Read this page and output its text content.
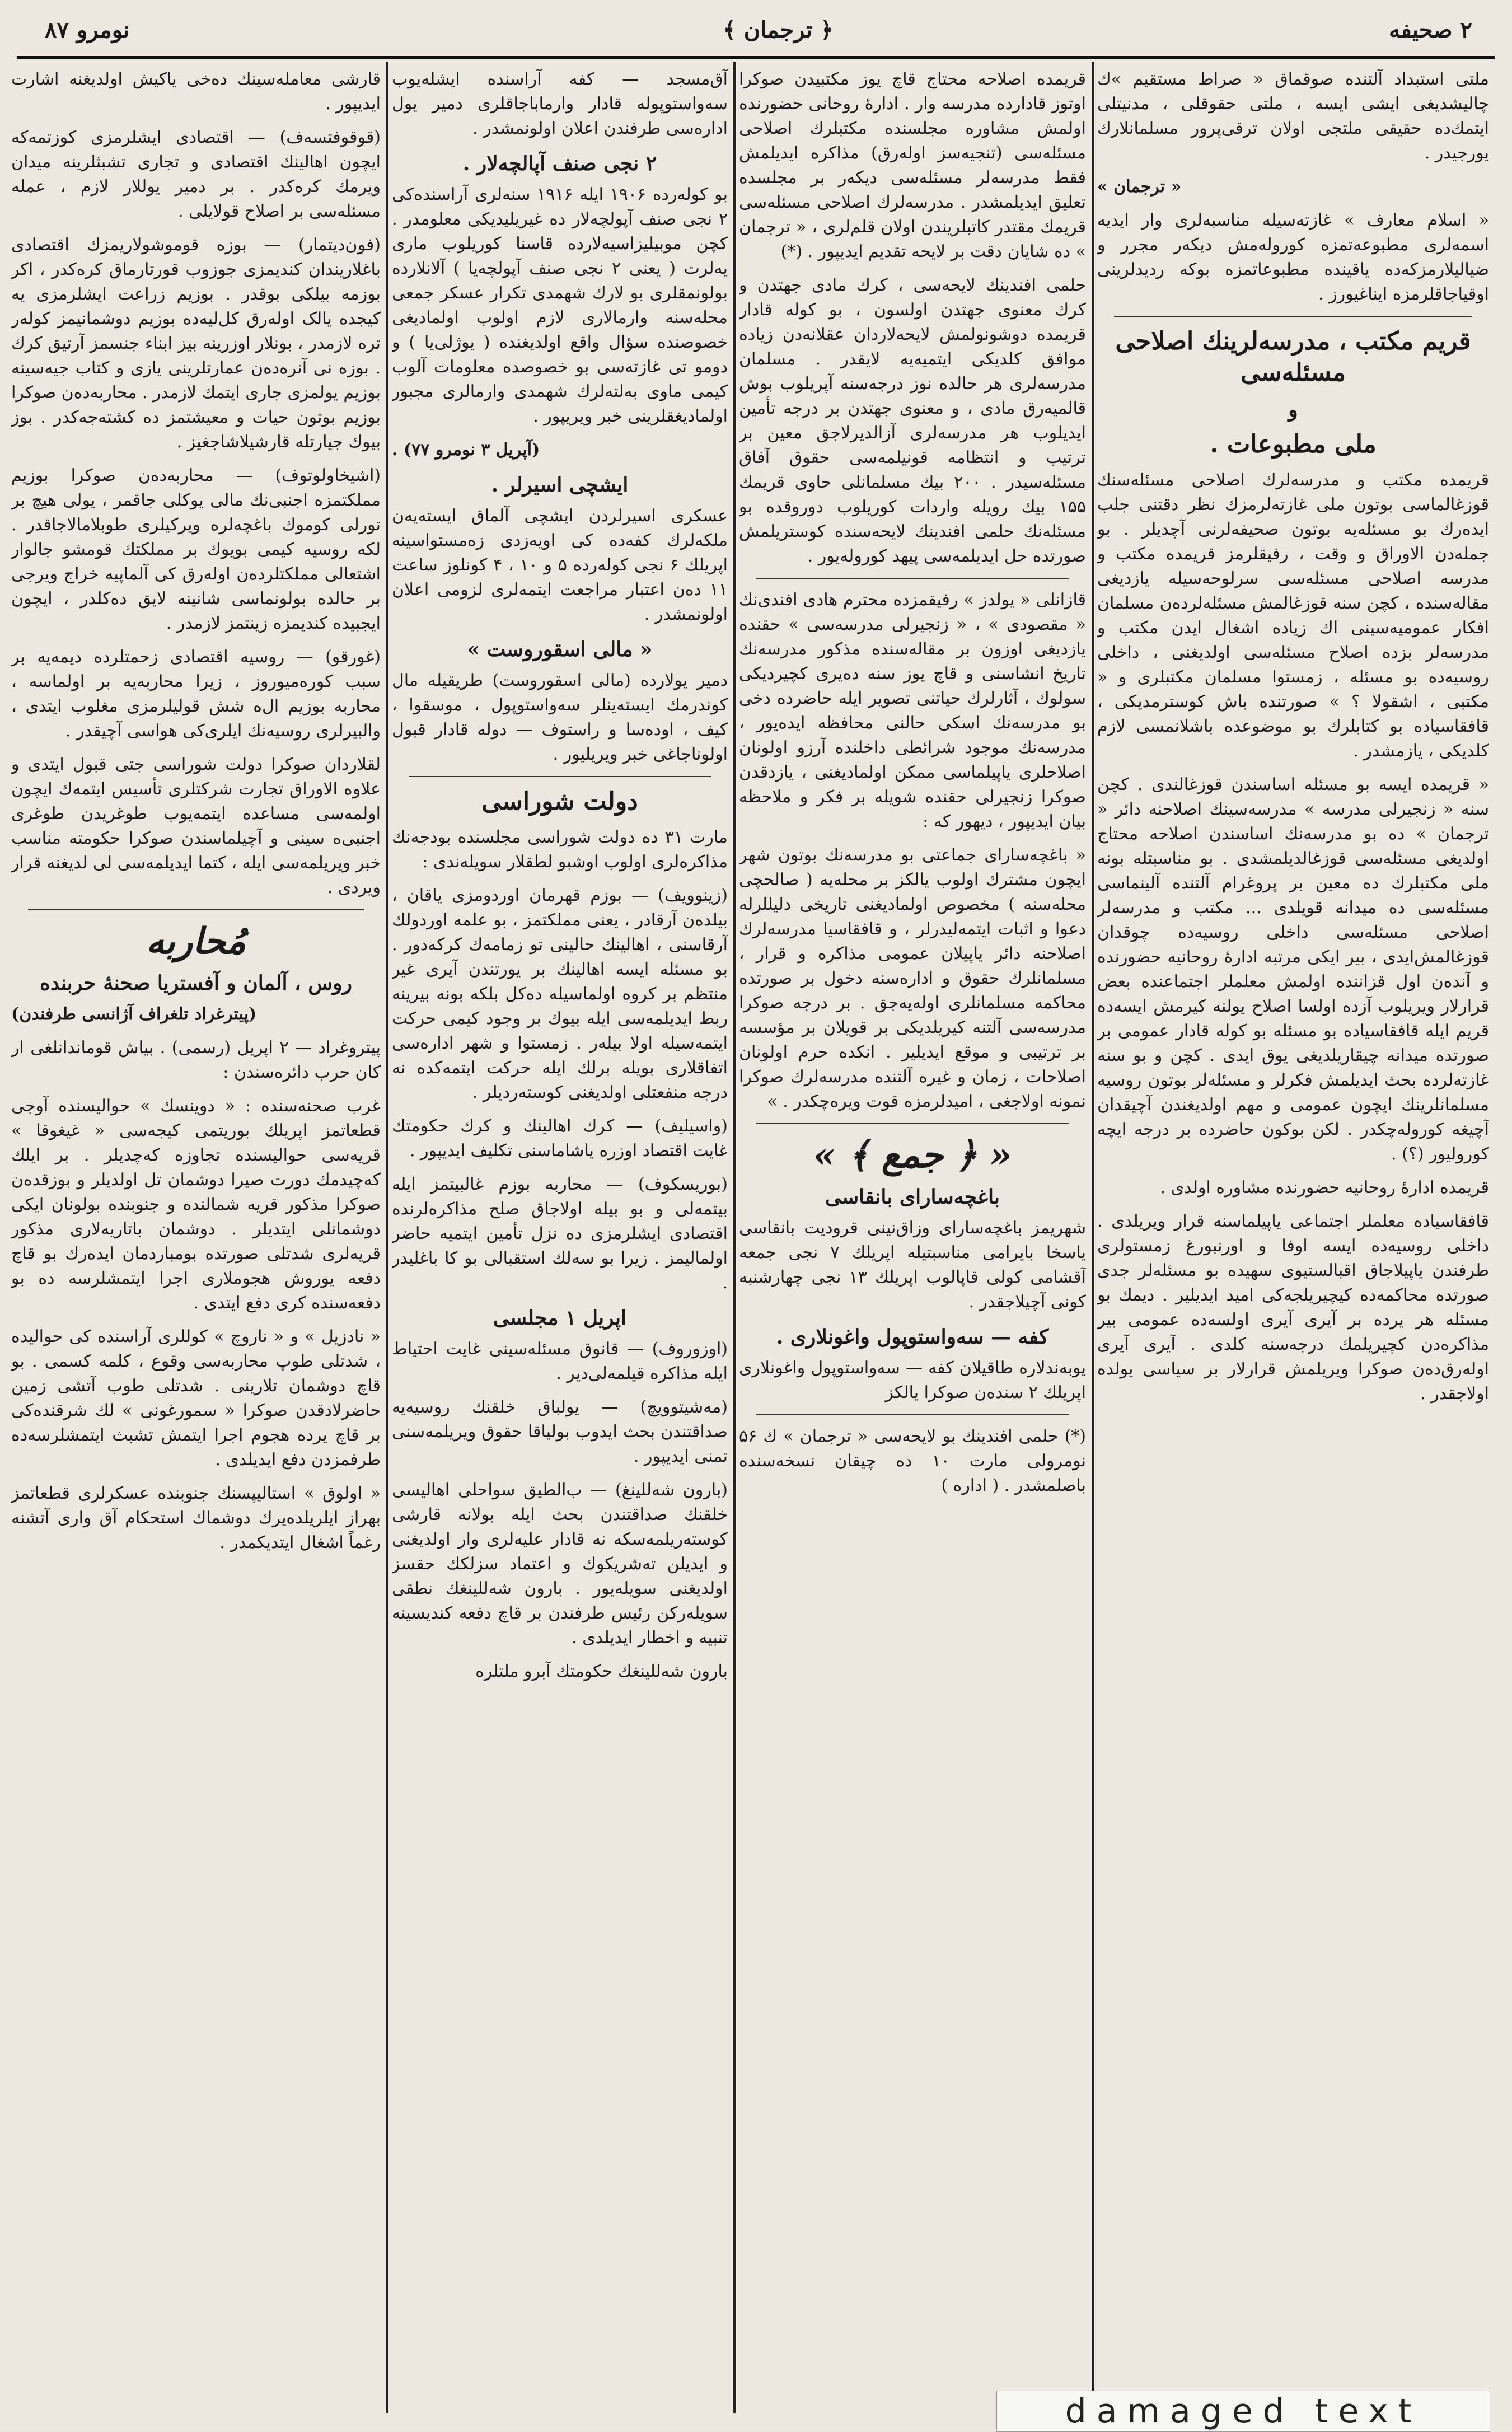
۲ صحیفه
﴿ ترجمان ﴾
نومرو ۸۷

ملتی استبداد آلتنده صوقماق « صراط مستقیم »ك چالیشدیغی ایشی ایسه ، ملتی حقوقلی ، مدنیتلی ایتمك‌ده حقیقی ملتجی اولان ترقی‌پرور مسلمانلارك یورجیدر .

« ترجمان »

« اسلام معارف » غازته‌سیله مناسبه‌لری وار ایدیه اسمه‌لری مطبوعه‌تمزه کوروله‌مش دیکه‌ر مجرر و ضیالیلارمزکه‌ده یاقینده مطبوعاتمزه بوکه ردیدلرینی اوقیاجاقلرمزه ایناغیورز .

قریم مکتب ، مدرسه‌لرینك اصلاحی مسئله‌سی
و
ملی مطبوعات .

قریمده مکتب و مدرسه‌لرك اصلاحی مسئله‌سنك قوزغالماسی بوتون ملی غازته‌لرمزك نظر دقتنی جلب ایده‌رك بو مسئله‌یه بوتون صحیفه‌لرنی آچدیلر . بو جمله‌دن الاوراق و وقت ، رفیقلرمز قریمده مکتب و مدرسه اصلاحی مسئله‌سی سرلوحه‌سیله یازدیغی مقاله‌سنده ، کچن سنه قوزغالمش مسئله‌لرده‌ن مسلمان افکار عمومیه‌سینی اك زیاده اشغال ایدن مکتب و مدرسه‌لر بزده اصلاح مسئله‌سی اولدیغنی ، داخلی روسیه‌ده بو مسئله ، زمستوا مسلمان مکتبلری و « مکتبی ، اشقولا ؟ » صورتنده باش کوسترمدیکی ، قافقاسیاده بو کتابلرك بو موضوعده باشلانمسی لازم کلدیکی ، یازمشدر .

« قریمده ایسه بو مسئله اساسندن قوزغالندی . کچن سنه « زنجیرلی مدرسه » مدرسه‌سینك اصلاحنه دائر « ترجمان » ده بو مدرسه‌نك اساسندن اصلاحه محتاج اولدیغی مسئله‌سی قوزغالدیلمشدی . بو مناسبتله بونه ملی مکتبلرك ده معین بر پروغرام آلتنده آلینماسی مسئله‌سی ده میدانه قویلدی ... مکتب و مدرسه‌لر اصلاحی مسئله‌سی داخلی روسیه‌ده چوقدان قوزغالمش‌ایدی ، بیر ایکی مرتبه ادارهٔ روحانیه حضورنده و آنده‌ن اول قزاننده اولمش معلملر اجتماعنده بعض قرارلار ویریلوب آزده اولسا اصلاح یولنه کیرمش ایسه‌ده قریم ایله قافقاسیاده بو مسئله بو کوله قادار عمومی بر صورتده میدانه چیقاریلدیغی یوق ایدی . کچن و بو سنه غازته‌لرده بحث ایدیلمش فکرلر و مسئله‌لر بوتون روسیه مسلمانلرینك ایچون عمومی و مهم اولدیغندن آچیقدان آچیغه کوروله‌چکدر . لکن بوکون حاضرده بر درجه ایچه کورولیور (؟) .

قریمده ادارهٔ روحانیه حضورنده مشاوره اولدی .

قافقاسیاده معلملر اجتماعی یاپیلماسنه قرار ویریلدی . داخلی روسیه‌ده ایسه اوفا و اورنبورغ زمستولری طرفندن یاپیلاجاق اقبالستیوی سهیده بو مسئله‌لر جدی صورتده محاکمه‌ده کیچیریلجه‌کی امید ایدیلیر . دیمك بو مسئله هر یرده بر آیری آیری اولسه‌ده عمومی بیر مذاکره‌دن کچیریلمك درجه‌سنه کلدی . آیری آیری اوله‌رق‌ده‌ن صوکرا ویریلمش قرارلار بر سیاسی یولده اولاجقدر .

قریمده اصلاحه محتاج قاچ یوز مکتبیدن صوکرا اوتوز قادارده مدرسه وار . ادارهٔ روحانی حضورنده اولمش مشاوره مجلسنده مکتبلرك اصلاحی مسئله‌سی (تنجیه‌سز اوله‌رق) مذاکره ایدیلمش فقط مدرسه‌لر مسئله‌سی دیکه‌ر بر مجلسده تعلیق ایدیلمشدر . مدرسه‌لرك اصلاحی مسئله‌سی قریمك مقتدر کاتبلریندن اولان قلم‌لری ، « ترجمان » ده شایان دقت بر لایحه تقدیم ایدیپور . (*)

حلمی افندینك لایحه‌سی ، کرك مادی جهتدن و کرك معنوی جهتدن اولسون ، بو کوله قادار قریمده دوشونولمش لایحه‌لاردان عقلانه‌دن زیاده موافق کلدیکی ایتمیه‌یه لایقدر . مسلمان مدرسه‌لری هر حالده نوز درجه‌سنه آپریلوب بوش قالمیه‌رق مادی ، و معنوی جهتدن بر درجه تأمین ایدیلوب هر مدرسه‌لری آزالدیرلاجق معین بر ترتیب و انتظامه قونیلمه‌سی حقوق آفاق مسئله‌سیدر . ۲۰۰ بیك مسلمانلی حاوی قریمك ۱۵۵ بیك رویله واردات کوریلوب دوروقده بو مسئله‌نك حلمی افندینك لایحه‌سنده کوستریلمش صورتده حل ایدیلمه‌سی پیهد کوروله‌یور .

قازانلی « یولدز » رفیقمزده محترم هادی افندی‌نك « مقصودی » ، « زنجیرلی مدرسه‌سی » حقنده یازدیغی اوزون بر مقاله‌سنده مذکور مدرسه‌نك تاریخ انشاسنی و قاچ یوز سنه ده‌یری کچیردیکی سولوك ، آثارلرك حیاتنی تصویر ایله حاضرده دخی بو مدرسه‌نك اسکی حالنی محافظه ایده‌یور ، مدرسه‌نك موجود شرائطی داخلنده آرزو اولونان اصلاحلری یاپیلماسی ممکن اولمادیغنی ، یازدقدن صوکرا زنجیرلی حقنده شویله بر فکر و ملاحظه بیان ایدیپور ، دیهور که :

« باغچه‌سارای جماعتی بو مدرسه‌نك بوتون شهر ایچون مشترك اولوب یالکز بر محله‌یه ( صالحچی محله‌سنه ) مخصوص اولمادیغنی تاریخی دلیللرله دعوا و اثبات ایتمه‌لیدرلر ، و قافقاسیا مدرسه‌لرك اصلاحنه دائر یاپیلان عمومی مذاکره و قرار ، مسلمانلرك حقوق و اداره‌سنه دخول بر صورتده محاکمه مسلمانلری اوله‌یه‌جق . بر درجه صوکرا مدرسه‌سی آلتنه کیریلدیکی بر قویلان بر مؤسسه بر ترتیبی و موقع ایدیلیر . انكده حرم اولونان اصلاحات ، زمان و غیره آلتنده مدرسه‌لرك صوکرا نمونه اولاجغی ، امیدلرمزه قوت ویره‌چکدر . »

« ﴿ جمع ﴾ »
باغچه‌سارای بانقاسی

شهریمز باغچه‌سارای وزاق‌نینی قرودیت بانقاسی یاسخا بایرامی مناسبتیله اپریلك ۷ نجی جمعه آقشامی کولی قاپالوب اپریلك ۱۳ نجی چهارشنبه کونی آچیلاجقدر .

کفه — سه‌واستوپول واغونلاری .

یوبه‌ندلاره طاقیلان کفه — سه‌واستوپول واغونلاری اپریلك ۲ سنده‌ن صوکرا یالکز

(*) حلمی افندینك بو لایحه‌سی « ترجمان » ك ۵۶ نومرولی مارت ۱۰ ده چیقان نسخه‌سنده باصلمشدر . ( اداره )

آق‌مسجد — کفه آراسنده ایشله‌یوب سه‌واستوپوله قادار وارماباجاقلری دمیر یول اداره‌سی طرفندن اعلان اولونمشدر .

۲ نجی صنف آپالچه‌لار .

بو کوله‌رده ۱۹۰۶ ایله ۱۹۱۶ سنه‌لری آراسنده‌کی ۲ نجی صنف آپولچه‌لار ده غیریلیدیکی معلومدر . کچن موبیلیزاسیه‌لارده قاسنا کوریلوب ماری‌ یه‌لرت ( یعنی ۲ نجی صنف آپولچه‌یا ) آلانلارده بولونمقلری بو لارك شهمدی تکرار عسکر جمعی محله‌سنه وارمالاری لازم اولوب اولمادیغی خصوصنده سؤال واقع اولدیغنده ( یوژلی‌یا ) و دومو تی غازته‌سی بو خصوصده معلومات آلوب کیمی ماوی به‌لته‌لرك شهمدی وارمالری مجبور اولمادیغقلرینی خبر ویریپور .

(آپریل ۳ نومرو ۷۷) .

ایشچی اسیرلر .

عسکری اسیرلردن ایشچی آلماق ایسته‌یه‌ن ملکه‌لرك کفه‌ده کی اویه‌زدی زه‌مستواسینه اپریلك ۶ نجی کوله‌رده ۵ و ۱۰ ، ۴ کونلوز ساعت ۱۱ ده‌ن اعتبار مراجعت ایتمه‌لری لزومی اعلان اولونمشدر .

« مالی اسقوروست »

دمیر یولارده (مالی اسقوروست) طریقیله مال کوندرمك ایسته‌ینلر سه‌واستوپول ، موسقوا ، کیف ، اوده‌سا و راستوف — دوله قادار قبول اولوناجاغی خبر ویریلیور .

دولت شوراسی

مارت ۳۱ ده دولت شوراسی مجلسنده بودجه‌نك مذاکره‌لری اولوب اوشبو لطقلار سویله‌ندی :

(زینوویف) — بوزم قهرمان اوردومزی یاقان ، بیلده‌ن آرقادر ، یعنی مملکتمز ، بو علمه اوردولك آرقاسنی ، اهالینك حالینی تو زمامه‌ك کرکه‌دور . بو مسئله ایسه اهالینك بر یورتندن آیری غیر منتظم بر کروه اولماسیله ده‌کل بلکه بونه بیرینه ربط ایدیلمه‌سی ایله بیوك بر وجود کیمی حرکت ایتمه‌سیله اولا بیله‌ر . زمستوا و شهر اداره‌سی اتفاقلاری بویله برلك ایله حرکت ایتمه‌کده نه درجه منفعتلی اولدیغنی کوسته‌ردیلر .

(واسیلیف) — کرك اهالینك و کرك حکومتك غایت اقتصاد اوزره یاشاماسنی تکلیف ایدیپور .

(بوریسکوف) — محاربه بوزم غالبیتمز ایله بیتمه‌لی و بو بیله اولاجاق صلح مذاکره‌لرنده اقتصادی ایشلرمزی ده نزل تأمین ایتمیه حاضر اولمالیمز . زیرا بو سه‌لك استقبالی بو کا باغلیدر .

اپریل ۱ مجلسی

(اوزوروف) — قانوق مسئله‌سینی غایت احتیاط ایله مذاکره قیلمه‌لی‌دیر .

(مه‌شیتوویچ) — یولباق خلقنك روسیه‌یه صداقتندن بحث ایدوب بولیاقا حقوق ویریلمه‌سنی تمنی ایدیپور .

(بارون شه‌للینغ) — ب‌الطیق سواحلی اهالیسی خلقنك صداقتندن بحث ایله بولانه قارشی کوسته‌ریلمه‌سکه نه قادار علیه‌لری وار اولدیغنی و ایدیلن ته‌شریکوك و اعتماد سزلکك حقسز اولدیغنی سویله‌یور . بارون شه‌للینغك نطقی سویله‌رکن رئیس طرفندن بر قاچ دفعه کندیسینه تنبیه و اخطار ایدیلدی .

بارون شه‌للینغك حکومتك آبرو ملتلره

قارشی معامله‌سینك ده‌خی یاکیش اولدیغنه اشارت ایدیپور .

(قوقوفتسه‌ف) — اقتصادی ایشلرمزی کوزتمه‌كه ایچون اهالینك اقتصادی و تجاری تشبثلرینه میدان ویرمك کره‌کدر . بر دمیر یوللار لازم ، عمله مسئله‌سی بر اصلاح قولایلی .

(فون‌دیتمار) — بوزه قوموشولاریمزك اقتصادی باغلاریندان کندیمزی جوزوب قورتارماق کره‌کدر ، اکر بوزمه بیلکی بوقدر . بوزیم زراعت ایشلرمزی یه کیجده یالک اوله‌رق کل‌لیه‌ده بوزیم دوشمانیمز کوله‌ر تره لازمدر ، بونلار اوزرینه بیز ابناء جنسمز آرتیق کرك . بوزه نی آنره‌ده‌ن عمارتلرینی یازی و کتاب جیه‌سینه بوزیم یولمزی جاری ایتمك لازمدر . محاربه‌ده‌ن صوکرا بوزیم بوتون حیات و معیشتمز ده کشته‌جه‌کدر . بوز بیوك جیارتله قارشیلاشاجغیز .

(اشیخاو‌لوتوف) — محاربه‌ده‌ن صوکرا بوزیم مملکتمزه اجنبی‌نك مالی یوکلی جاقمر ، یولی هیچ بر تورلی کوموك باغچه‌لره ویرکیلری طوبلامالاجاقدر . لکه روسیه کیمی بویوك بر مملکتك قومشو جالوار اشتعالی مملکتلرده‌ن اوله‌رق کی آلماپیه خراج ویرجی بر حالده بولونماسی شانینه لایق ده‌کلدر ، ایچون ایجبیده کندیمزه زینتمز لازمدر .

(غورقو) — روسیه اقتصادی زحمتلرده دیمه‌یه بر سبب کوره‌میوروز ، زیرا محاربه‌یه بر اولماسه ، محاربه بوزیم ال‌ه شش قولیلرمزی مغلوب ایتدی ، والبیرلری روسیه‌نك ایلری‌کی هواسی آچیقدر .

لقلاردان صوکرا دولت شوراسی جتی قبول ایتدی و علاوه الاوراق تجارت شرکتلری تأسیس ایتمه‌ك ایچون اولمه‌سی مساعده ایتمه‌یوب طوغریدن طوغری اجنبی‌ه سینی و آچیلماسندن صوکرا حکومته مناسب خبر ویریلمه‌سی ایله ، کتما ایدیلمه‌سی لی لدیغنه قرار ویردی .

مُحاربه
روس ، آلمان و آفستریا صحنهٔ حربنده

(پیترغراد تلغراف آژانسی طرفندن)

پیتروغراد — ۲ اپریل (رسمی) . بیاش قوماندانلغی ار کان حرب دائره‌سندن :

غرب صحنه‌سنده : « دوینسك » حوالیسنده آوجی قطعاتمز اپریلك بوریتمی کیجه‌سی « غیغوقا » قریه‌سی حوالیسنده تجاوزه كه‌چدیلر . بر ایلك كه‌چیدمك دورت صیرا دوشمان تل اولدیلر و بوزقده‌ن صوکرا مذکور قریه شمالنده و جنوبنده بولونان ایکی دوشمانلی ایتدیلر . دوشمان باتاریه‌لاری مذکور قریه‌لری شدتلی صورتده بومباردمان ایده‌رك بو قاچ دفعه یوروش هجوملاری اجرا ایتمشلرسه ده بو دفعه‌سنده کری دفع ایتدی .

« نادزیل » و « ناروچ » کوللری آراسنده کی حوالیده ، شدتلی طوپ محاربه‌سی وقوع ، کلمه کسمی . بو قاچ دوشمان تلارینی . شدتلی طوب آتشی زمین حاضرلادقدن صوکرا « سمورغونی » لك شرقنده‌کی بر قاچ یرده هجوم اجرا ایتمش تشبث ایتمشلرسه‌ده طرفمزدن دفع ایدیلدی .

« اولوق » استالیپسنك جنوبنده عسکرلری قطعاتمز بهراز ایلریلده‌یرك دوشماك استحکام آق واری آتشنه رغماً اشغال ایتدیکمدر .

damaged text
